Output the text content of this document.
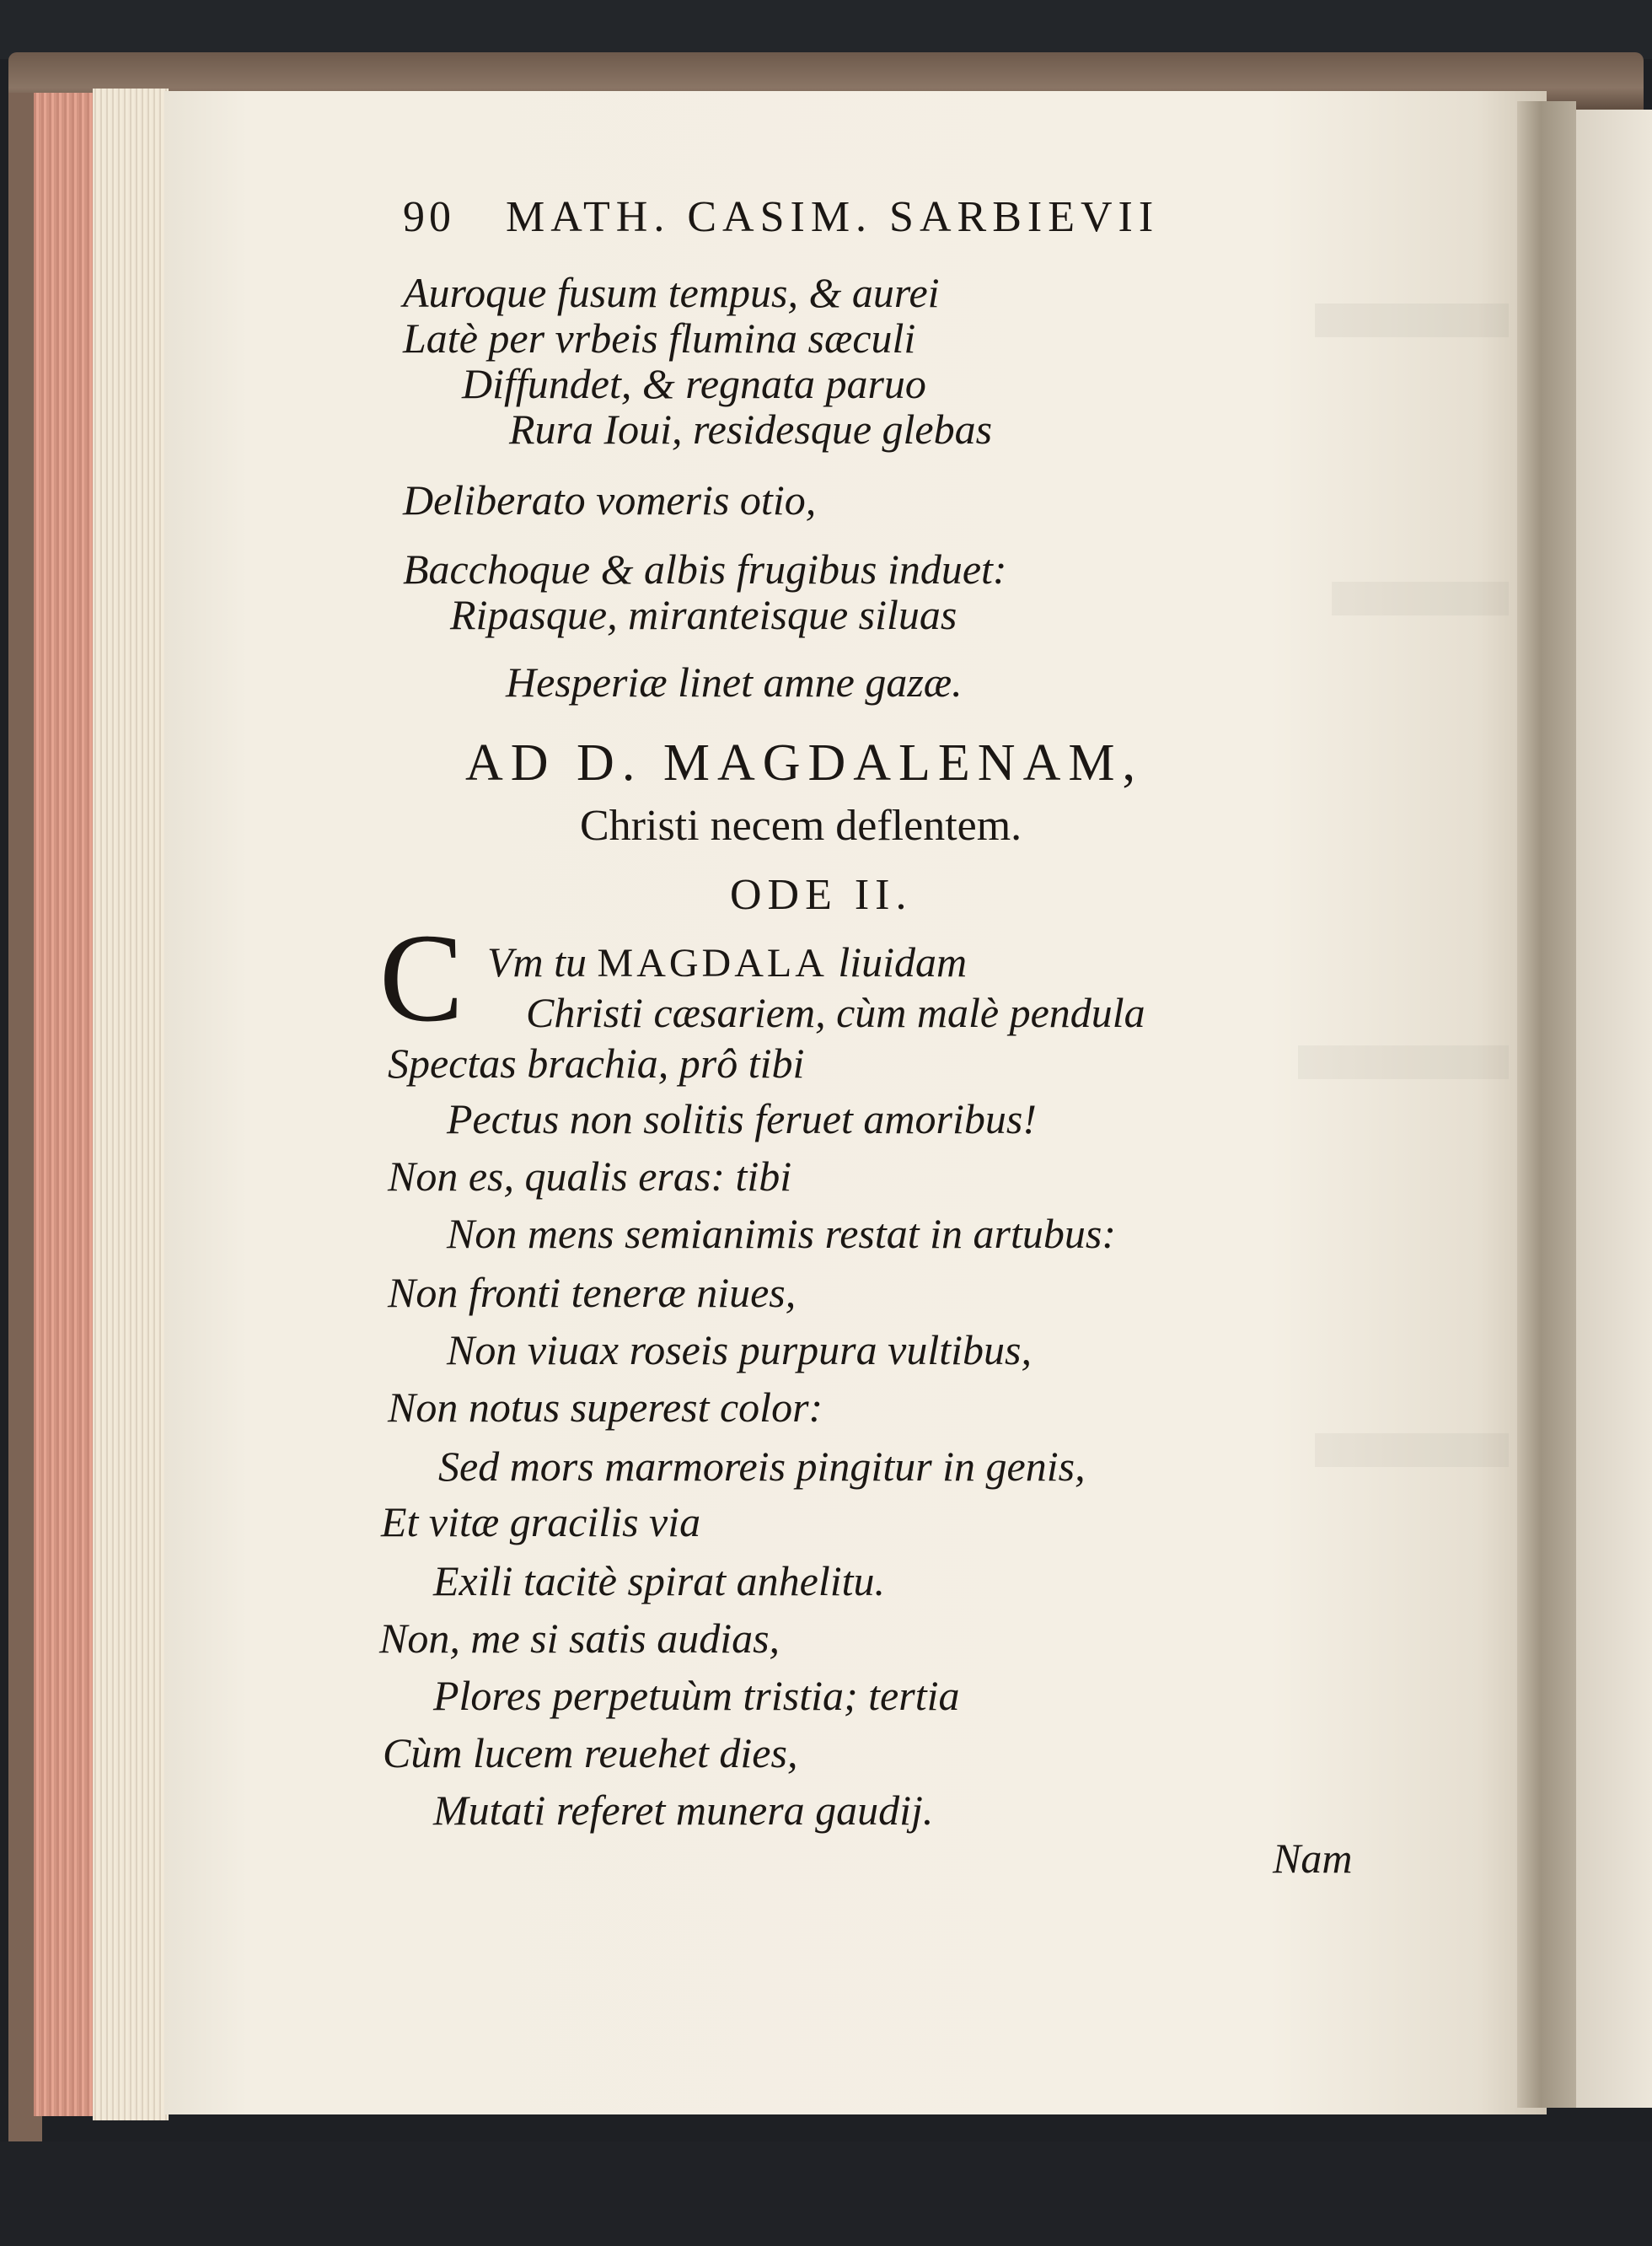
90 MATH. CASIM. SARBIEVII
Auroque fusum tempus, & aurei
Latè per vrbeis flumina sæculi
Diffundet, & regnata paruo
Rura Ioui, residesque glebas
Deliberato vomeris otio,
Bacchoque & albis frugibus induet:
Ripasque, miranteisque siluas
Hesperiæ linet amne gazæ.
AD D. MAGDALENAM,
Christi necem deflentem.
ODE II.
C Vm tu MAGDALA liuidam
Christi cæsariem, cùm malè pendula
Spectas brachia, prô tibi
Pectus non solitis feruet amoribus!
Non es, qualis eras: tibi
Non mens semianimis restat in artubus:
Non fronti teneræ niues,
Non viuax roseis purpura vultibus,
Non notus superest color:
Sed mors marmoreis pingitur in genis,
Et vitæ gracilis via
Exili tacitè spirat anhelitu.
Non, me si satis audias,
Plores perpetuùm tristia; tertia
Cùm lucem reuehet dies,
Mutati referet munera gaudij.
Nam
